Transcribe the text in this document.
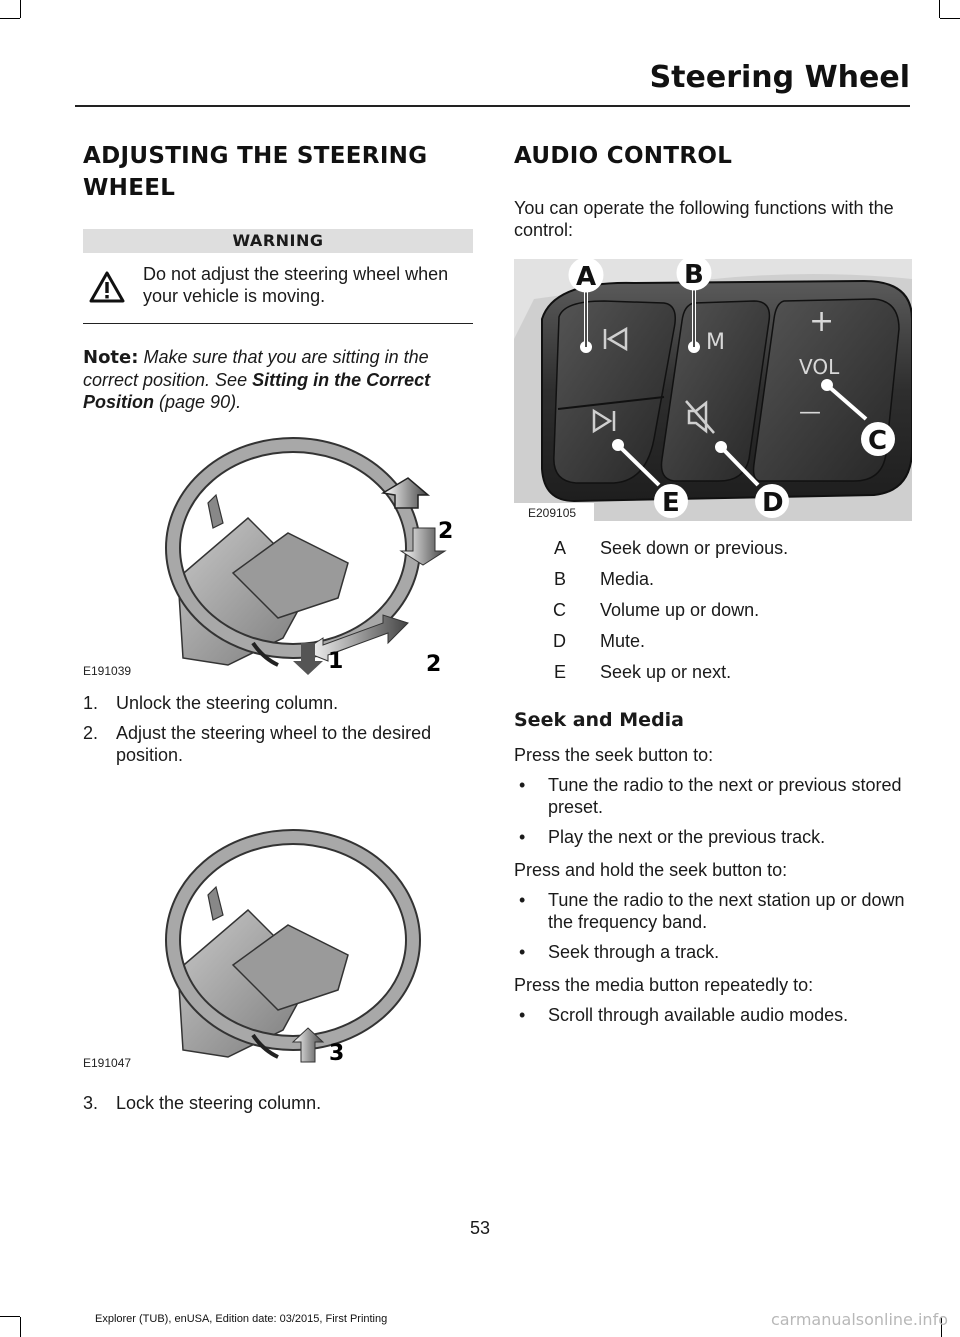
Steering Wheel
ADJUSTING THE STEERING
WHEEL
WARNING
Do not adjust the steering wheel when your vehicle is moving.
Note: Make sure that you are sitting in the correct position. See Sitting in the Correct Position (page 90).
2
1	2
E191039
1. Unlock the steering column.
2. Adjust the steering wheel to the desired position.
3
E191047
3. Lock the steering column.
AUDIO CONTROL
You can operate the following functions with the control:
M
+
VOL
—
A	B
C
D
E
E209105
A Seek down or previous.
B Media.
C Volume up or down.
D Mute.
E Seek up or next.
Seek and Media
Press the seek button to:
•	Tune the radio to the next or previous stored preset.
•	Play the next or the previous track.
Press and hold the seek button to:
•	Tune the radio to the next station up or down the frequency band.
•	Seek through a track.
Press the media button repeatedly to:
•	Scroll through available audio modes.
53
Explorer (TUB), enUSA, Edition date: 03/2015, First Printing	carmanualsonline.info
